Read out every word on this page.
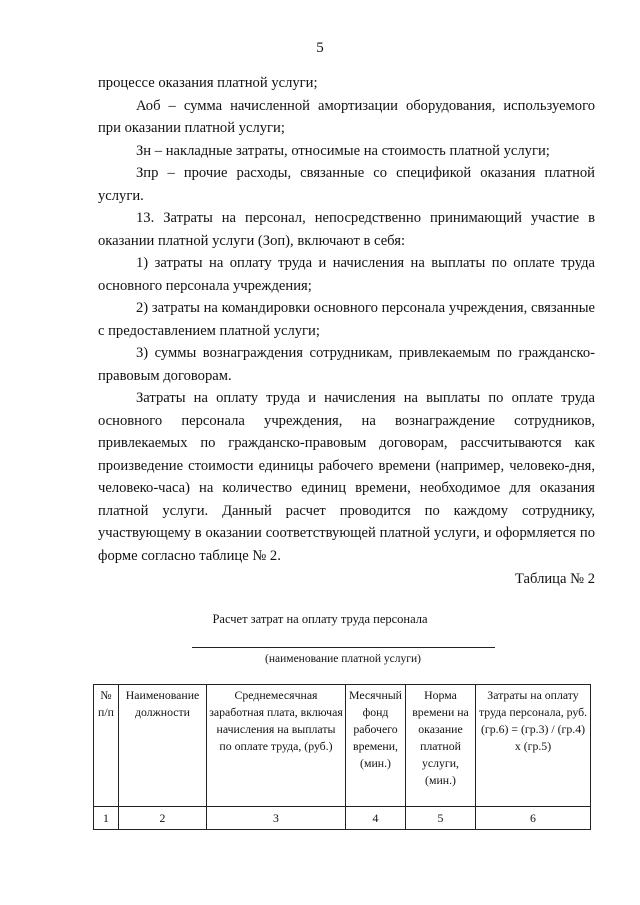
5

процессе оказания платной услуги;

Аоб – сумма начисленной амортизации оборудования, используемого при оказании платной услуги;

Зн – накладные затраты, относимые на стоимость платной услуги;

Зпр – прочие расходы, связанные со спецификой оказания платной услуги.

13. Затраты на персонал, непосредственно принимающий участие в оказании платной услуги (Зоп), включают в себя:

1) затраты на оплату труда и начисления на выплаты по оплате труда основного персонала учреждения;

2) затраты на командировки основного персонала учреждения, связанные с предоставлением платной услуги;

3) суммы вознаграждения сотрудникам, привлекаемым по гражданско-правовым договорам.

Затраты на оплату труда и начисления на выплаты по оплате труда основного персонала учреждения, на вознаграждение сотрудников, привлекаемых по гражданско-правовым договорам, рассчитываются как произведение стоимости единицы рабочего времени (например, человеко-дня, человеко-часа) на количество единиц времени, необходимое для оказания платной услуги. Данный расчет проводится по каждому сотруднику, участвующему в оказании соответствующей платной услуги, и оформляется по форме согласно таблице № 2.

Таблица № 2
Расчет затрат на оплату труда персонала
(наименование платной услуги)
№ п/п	Наименование должности	Среднемесячная заработная плата, включая начисления на выплаты по оплате труда, (руб.)	Месячный фонд рабочего времени, (мин.)	Норма времени на оказание платной услуги, (мин.)	Затраты на оплату труда персонала, руб. (гр.6) = (гр.3) / (гр.4) x (гр.5)
1	2	3	4	5	6
